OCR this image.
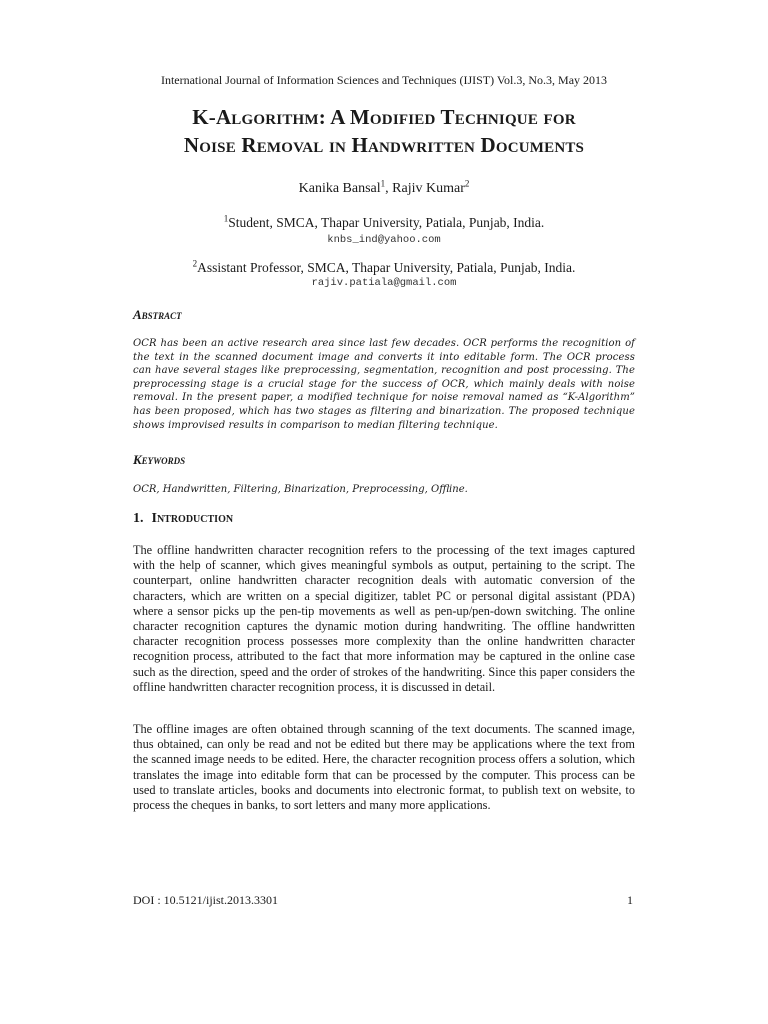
International Journal of Information Sciences and Techniques (IJIST) Vol.3, No.3, May 2013
K-Algorithm: A Modified Technique for
Noise Removal in Handwritten Documents
Kanika Bansal$^1$, Rajiv Kumar$^2$
$^1$Student, SMCA, Thapar University, Patiala, Punjab, India.
knbs_ind@yahoo.com
$^2$Assistant Professor, SMCA, Thapar University, Patiala, Punjab, India.
rajiv.patiala@gmail.com
Abstract
OCR has been an active research area since last few decades. OCR performs the recognition of the text in the scanned document image and converts it into editable form. The OCR process can have several stages like preprocessing, segmentation, recognition and post processing. The preprocessing stage is a crucial stage for the success of OCR, which mainly deals with noise removal. In the present paper, a modified technique for noise removal named as “K-Algorithm” has been proposed, which has two stages as filtering and binarization. The proposed technique shows improvised results in comparison to median filtering technique.
Keywords
OCR, Handwritten, Filtering, Binarization, Preprocessing, Offline.
1. Introduction
The offline handwritten character recognition refers to the processing of the text images captured with the help of scanner, which gives meaningful symbols as output, pertaining to the script. The counterpart, online handwritten character recognition deals with automatic conversion of the characters, which are written on a special digitizer, tablet PC or personal digital assistant (PDA) where a sensor picks up the pen-tip movements as well as pen-up/pen-down switching. The online character recognition captures the dynamic motion during handwriting. The offline handwritten character recognition process possesses more complexity than the online handwritten character recognition process, attributed to the fact that more information may be captured in the online case such as the direction, speed and the order of strokes of the handwriting. Since this paper considers the offline handwritten character recognition process, it is discussed in detail.
The offline images are often obtained through scanning of the text documents. The scanned image, thus obtained, can only be read and not be edited but there may be applications where the text from the scanned image needs to be edited. Here, the character recognition process offers a solution, which translates the image into editable form that can be processed by the computer. This process can be used to translate articles, books and documents into electronic format, to publish text on website, to process the cheques in banks, to sort letters and many more applications.
DOI : 10.5121/ijist.2013.3301	1
